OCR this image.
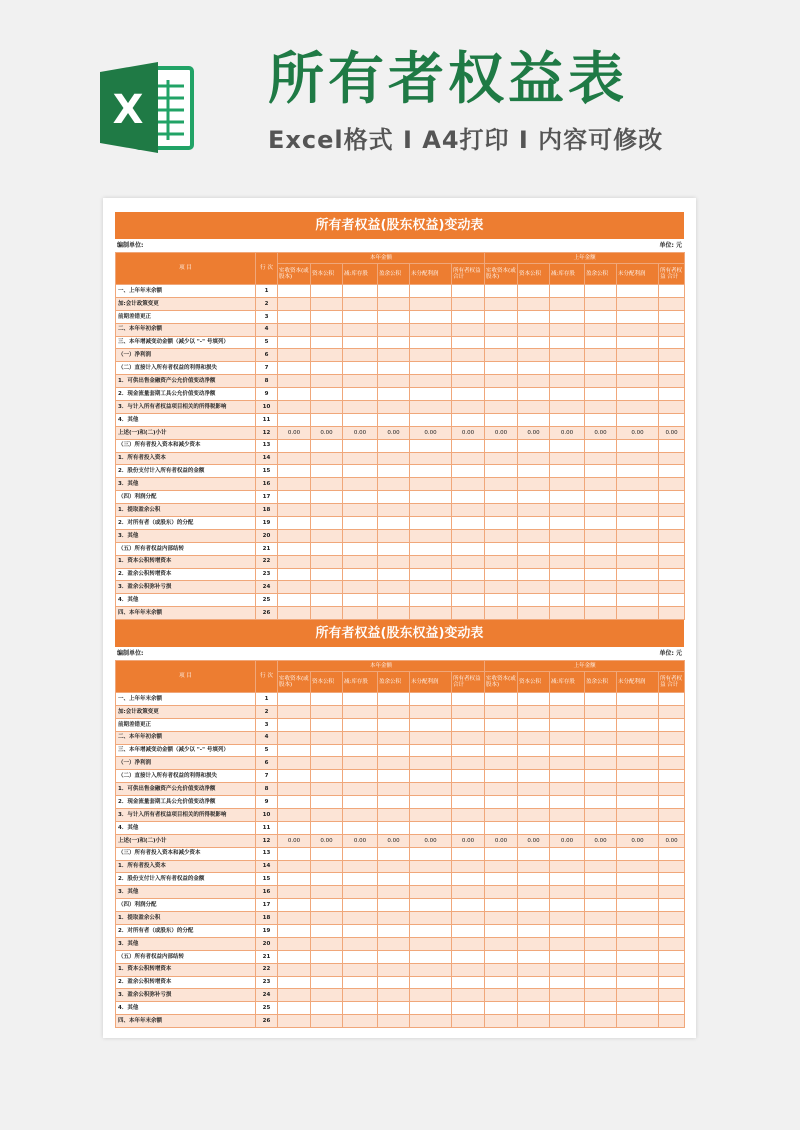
X 所有者权益表
Excel格式 Ⅰ A4打印 Ⅰ 内容可修改
所有者权益(股东权益)变动表
编制单位:	单位: 元
项 目	行 次	本年金额						上年金额					
		实收资本(或股本)	资本公积	减:库存股	盈余公积	未分配利润	所有者权益 合计	实收资本(或股本)	资本公积	减:库存股	盈余公积	未分配利润	所有者权益 合计
一、上年年末余额	1												
加:会计政策变更	2												
前期差错更正	3												
二、本年年初余额	4												
三、本年增减变动金额（减少以 "-" 号填列）	5												
（一）净利润	6												
（二）直接计入所有者权益的利得和损失	7												
1．可供出售金融资产公允价值变动净额	8												
2．现金流量套期工具公允价值变动净额	9												
3．与计入所有者权益项目相关的所得税影响	10												
4．其他	11												
上述(一)和(二)小计	12	0.00	0.00	0.00	0.00	0.00	0.00	0.00	0.00	0.00	0.00	0.00	0.00
（三）所有者投入资本和减少资本	13												
1．所有者投入资本	14												
2．股份支付计入所有者权益的金额	15												
3．其他	16												
（四）利润分配	17												
1．提取盈余公积	18												
2．对所有者（或股东）的分配	19												
3．其他	20												
（五）所有者权益内部结转	21												
1．资本公积转增资本	22												
2．盈余公积转增资本	23												
3．盈余公积弥补亏损	24												
4．其他	25												
四、本年年末余额	26												
所有者权益(股东权益)变动表
编制单位:	单位: 元
项 目	行 次	本年金额						上年金额					
		实收资本(或股本)	资本公积	减:库存股	盈余公积	未分配利润	所有者权益 合计	实收资本(或股本)	资本公积	减:库存股	盈余公积	未分配利润	所有者权益 合计
一、上年年末余额	1												
加:会计政策变更	2												
前期差错更正	3												
二、本年年初余额	4												
三、本年增减变动金额（减少以 "-" 号填列）	5												
（一）净利润	6												
（二）直接计入所有者权益的利得和损失	7												
1．可供出售金融资产公允价值变动净额	8												
2．现金流量套期工具公允价值变动净额	9												
3．与计入所有者权益项目相关的所得税影响	10												
4．其他	11												
上述(一)和(二)小计	12	0.00	0.00	0.00	0.00	0.00	0.00	0.00	0.00	0.00	0.00	0.00	0.00
（三）所有者投入资本和减少资本	13												
1．所有者投入资本	14												
2．股份支付计入所有者权益的金额	15												
3．其他	16												
（四）利润分配	17												
1．提取盈余公积	18												
2．对所有者（或股东）的分配	19												
3．其他	20												
（五）所有者权益内部结转	21												
1．资本公积转增资本	22												
2．盈余公积转增资本	23												
3．盈余公积弥补亏损	24												
4．其他	25												
四、本年年末余额	26												
